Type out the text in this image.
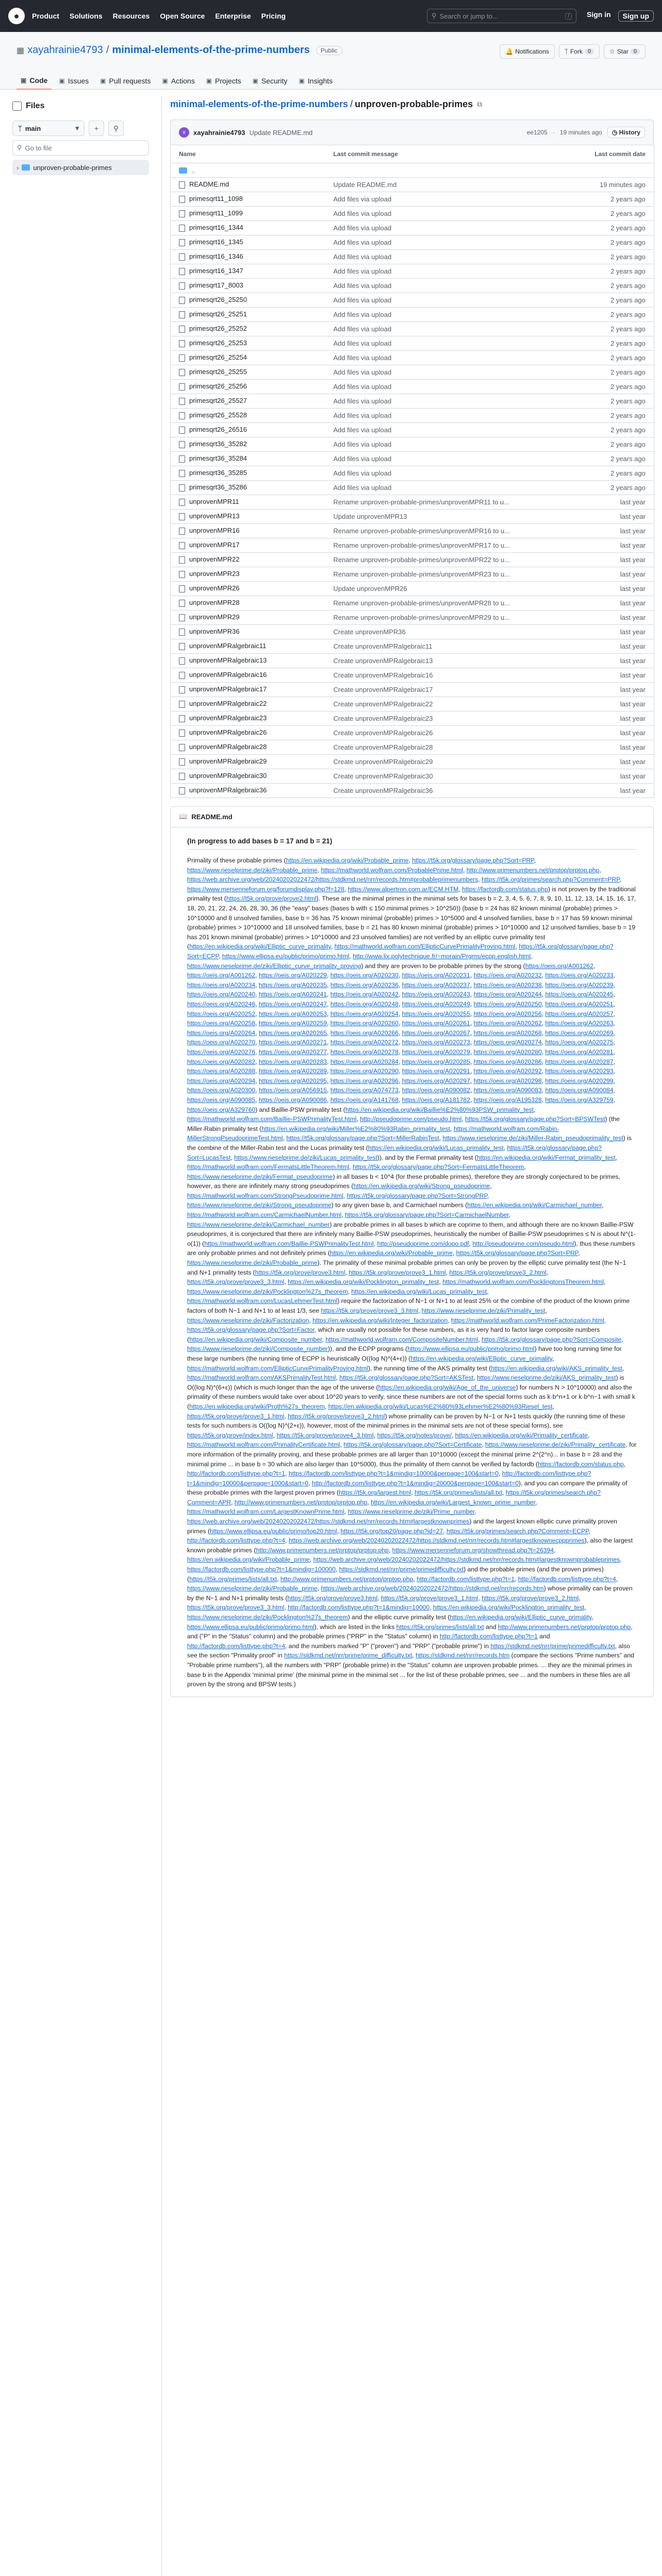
●	Product Solutions Resources Open Source Enterprise Pricing	⚲ Search or jump to...	/	Sign in	Sign up
▦ xayahrainie4793 / minimal-elements-of-the-prime-numbers	Public	🔔 Notifications	ᛉ Fork 0	☆ Star 0
▣ Code ▣ Issues ▣ Pull requests ▣ Actions ▣ Projects ▣ Security ▣ Insights
Files
ᛉ main	▾	+	⚲
⚲ Go to file
› unproven-probable-primes
minimal-elements-of-the-prime-numbers / unproven-probable-primes ⧉
x	xayahrainie4793 Update README.md	ee1205 · 19 minutes ago	◷ History
Name	Last commit message	Last commit date
..		
README.md	Update README.md	19 minutes ago
primesqrt11_1098	Add files via upload	2 years ago
primesqrt11_1099	Add files via upload	2 years ago
primesqrt16_1344	Add files via upload	2 years ago
primesqrt16_1345	Add files via upload	2 years ago
primesqrt16_1346	Add files via upload	2 years ago
primesqrt16_1347	Add files via upload	2 years ago
primesqrt17_8003	Add files via upload	2 years ago
primesqrt26_25250	Add files via upload	2 years ago
primesqrt26_25251	Add files via upload	2 years ago
primesqrt26_25252	Add files via upload	2 years ago
primesqrt26_25253	Add files via upload	2 years ago
primesqrt26_25254	Add files via upload	2 years ago
primesqrt26_25255	Add files via upload	2 years ago
primesqrt26_25256	Add files via upload	2 years ago
primesqrt26_25527	Add files via upload	2 years ago
primesqrt26_25528	Add files via upload	2 years ago
primesqrt26_26516	Add files via upload	2 years ago
primesqrt36_35282	Add files via upload	2 years ago
primesqrt36_35284	Add files via upload	2 years ago
primesqrt36_35285	Add files via upload	2 years ago
primesqrt36_35286	Add files via upload	2 years ago
unprovenMPR11	Rename unproven-probable-primes/unprovenMPR11 to u...	last year
unprovenMPR13	Update unprovenMPR13	last year
unprovenMPR16	Rename unproven-probable-primes/unprovenMPR16 to u...	last year
unprovenMPR17	Rename unproven-probable-primes/unprovenMPR17 to u...	last year
unprovenMPR22	Rename unproven-probable-primes/unprovenMPR22 to u...	last year
unprovenMPR23	Rename unproven-probable-primes/unprovenMPR23 to u...	last year
unprovenMPR26	Update unprovenMPR26	last year
unprovenMPR28	Rename unproven-probable-primes/unprovenMPR28 to u...	last year
unprovenMPR29	Rename unproven-probable-primes/unprovenMPR29 to u...	last year
unprovenMPR36	Create unprovenMPR36	last year
unprovenMPRalgebraic11	Create unprovenMPRalgebraic11	last year
unprovenMPRalgebraic13	Create unprovenMPRalgebraic13	last year
unprovenMPRalgebraic16	Create unprovenMPRalgebraic16	last year
unprovenMPRalgebraic17	Create unprovenMPRalgebraic17	last year
unprovenMPRalgebraic22	Create unprovenMPRalgebraic22	last year
unprovenMPRalgebraic23	Create unprovenMPRalgebraic23	last year
unprovenMPRalgebraic26	Create unprovenMPRalgebraic26	last year
unprovenMPRalgebraic28	Create unprovenMPRalgebraic28	last year
unprovenMPRalgebraic29	Create unprovenMPRalgebraic29	last year
unprovenMPRalgebraic30	Create unprovenMPRalgebraic30	last year
unprovenMPRalgebraic36	Create unprovenMPRalgebraic36	last year
📖 README.md
(In progress to add bases b = 17 and b = 21)

Primality of these probable primes (https://en.wikipedia.org/wiki/Probable_prime, https://t5k.org/glossary/page.php?Sort=PRP, https://www.rieselprime.de/ziki/Probable_prime, https://mathworld.wolfram.com/ProbablePrime.html, http://www.primenumbers.net/prptop/prptop.php, https://web.archive.org/web/20240202022472/https://stdkmd.net/nrr/records.htm#probableprimenumbers, https://t5k.org/primes/search.php?Comment=PRP, https://www.mersenneforum.org/forumdisplay.php?f=128, https://www.alpertron.com.ar/ECM.HTM, https://factordb.com/status.php) is not proven by the traditional primality test (https://t5k.org/prove/prove2.html). These are the minimal primes in the minimal sets for bases b = 2, 3, 4, 5, 6, 7, 8, 9, 10, 11, 12, 13, 14, 15, 16, 17, 18, 20, 21, 22, 24, 26, 28, 30, 36 (the "easy" bases (bases b with ≤ 150 minimal primes > 10^250)) (base b = 24 has 82 known minimal (probable) primes > 10^10000 and 8 unsolved families, base b = 36 has 75 known minimal (probable) primes > 10^5000 and 4 unsolved families, base b = 17 has 59 known minimal (probable) primes > 10^10000 and 18 unsolved families, base b = 21 has 80 known minimal (probable) primes > 10^10000 and 12 unsolved families, base b = 19 has 201 known minimal (probable) primes > 10^10000 and 23 unsolved families) are not verified by an elliptic curve primality test (https://en.wikipedia.org/wiki/Elliptic_curve_primality, https://mathworld.wolfram.com/EllipticCurvePrimalityProving.html, https://t5k.org/glossary/page.php?Sort=ECPP, https://www.ellipsa.eu/public/primo/primo.html, http://www.lix.polytechnique.fr/~morain/Prgms/ecpp.english.html, https://www.rieselprime.de/ziki/Elliptic_curve_primality_proving) and they are proven to be probable primes by the strong (https://oeis.org/A001262, https://oeis.org/A001262, https://oeis.org/A020229, https://oeis.org/A020230, https://oeis.org/A020231, https://oeis.org/A020232, https://oeis.org/A020233, https://oeis.org/A020234, https://oeis.org/A020235, https://oeis.org/A020236, https://oeis.org/A020237, https://oeis.org/A020238, https://oeis.org/A020239, https://oeis.org/A020240, https://oeis.org/A020241, https://oeis.org/A020242, https://oeis.org/A020243, https://oeis.org/A020244, https://oeis.org/A020245, https://oeis.org/A020246, https://oeis.org/A020247, https://oeis.org/A020248, https://oeis.org/A020249, https://oeis.org/A020250, https://oeis.org/A020251, https://oeis.org/A020252, https://oeis.org/A020253, https://oeis.org/A020254, https://oeis.org/A020255, https://oeis.org/A020256, https://oeis.org/A020257, https://oeis.org/A020258, https://oeis.org/A020259, https://oeis.org/A020260, https://oeis.org/A020261, https://oeis.org/A020262, https://oeis.org/A020263, https://oeis.org/A020264, https://oeis.org/A020265, https://oeis.org/A020266, https://oeis.org/A020267, https://oeis.org/A020268, https://oeis.org/A020269, https://oeis.org/A020270, https://oeis.org/A020271, https://oeis.org/A020272, https://oeis.org/A020273, https://oeis.org/A020274, https://oeis.org/A020275, https://oeis.org/A020276, https://oeis.org/A020277, https://oeis.org/A020278, https://oeis.org/A020279, https://oeis.org/A020280, https://oeis.org/A020281, https://oeis.org/A020282, https://oeis.org/A020283, https://oeis.org/A020284, https://oeis.org/A020285, https://oeis.org/A020286, https://oeis.org/A020287, https://oeis.org/A020288, https://oeis.org/A020289, https://oeis.org/A020290, https://oeis.org/A020291, https://oeis.org/A020292, https://oeis.org/A020293, https://oeis.org/A020294, https://oeis.org/A020295, https://oeis.org/A020296, https://oeis.org/A020297, https://oeis.org/A020298, https://oeis.org/A020299, https://oeis.org/A020300, https://oeis.org/A056915, https://oeis.org/A074773, https://oeis.org/A090082, https://oeis.org/A090083, https://oeis.org/A090084, https://oeis.org/A090085, https://oeis.org/A090086, https://oeis.org/A141768, https://oeis.org/A181782, https://oeis.org/A195328, https://oeis.org/A329759, https://oeis.org/A329760) and Baillie-PSW primality test (https://en.wikipedia.org/wiki/Baillie%E2%80%93PSW_primality_test, https://mathworld.wolfram.com/Baillie-PSWPrimalityTest.html, http://pseudoprime.com/pseudo.html, https://t5k.org/glossary/page.php?Sort=BPSWTest) (the Miller-Rabin primality test (https://en.wikipedia.org/wiki/Miller%E2%80%93Rabin_primality_test, https://mathworld.wolfram.com/Rabin-MillerStrongPseudoprimeTest.html, https://t5k.org/glossary/page.php?Sort=MillerRabinTest, https://www.rieselprime.de/ziki/Miller-Rabin_pseudoprimality_test) is the combine of the Miller-Rabin test and the Lucas primality test (https://en.wikipedia.org/wiki/Lucas_primality_test, https://t5k.org/glossary/page.php?Sort=LucasTest, https://www.rieselprime.de/ziki/Lucas_primality_test)), and by the Fermat primality test (https://en.wikipedia.org/wiki/Fermat_primality_test, https://mathworld.wolfram.com/FermatsLittleTheorem.html, https://t5k.org/glossary/page.php?Sort=FermatsLittleTheorem, https://www.rieselprime.de/ziki/Fermat_pseudoprime) in all bases b < 10^4 (for these probable primes), therefore they are strongly conjectured to be primes, however, as there are infinitely many strong pseudoprimes (https://en.wikipedia.org/wiki/Strong_pseudoprime, https://mathworld.wolfram.com/StrongPseudoprime.html, https://t5k.org/glossary/page.php?Sort=StrongPRP, https://www.rieselprime.de/ziki/Strong_pseudoprime) to any given base b, and Carmichael numbers (https://en.wikipedia.org/wiki/Carmichael_number, https://mathworld.wolfram.com/CarmichaelNumber.html, https://t5k.org/glossary/page.php?Sort=CarmichaelNumber, https://www.rieselprime.de/ziki/Carmichael_number) are probable primes in all bases b which are coprime to them, and although there are no known Baillie-PSW pseudoprimes, it is conjectured that there are infinitely many Baillie-PSW pseudoprimes, heuristically the number of Baillie-PSW pseudoprimes ≤ N is about N^(1-o(1)) (https://mathworld.wolfram.com/Baillie-PSWPrimalityTest.html, http://pseudoprime.com/dopo.pdf, http://pseudoprime.com/pseudo.html), thus these numbers are only probable primes and not definitely primes (https://en.wikipedia.org/wiki/Probable_prime, https://t5k.org/glossary/page.php?Sort=PRP, https://www.rieselprime.de/ziki/Probable_prime). The primality of these minimal probable primes can only be proven by the elliptic curve primality test (the N−1 and N+1 primality tests (https://t5k.org/prove/prove3.html, https://t5k.org/prove/prove3_1.html, https://t5k.org/prove/prove3_2.html, https://t5k.org/prove/prove3_3.html, https://en.wikipedia.org/wiki/Pocklington_primality_test, https://mathworld.wolfram.com/PocklingtonsTheorem.html, https://www.rieselprime.de/ziki/Pocklington%27s_theorem, https://en.wikipedia.org/wiki/Lucas_primality_test, https://mathworld.wolfram.com/LucasLehmerTest.html) require the factorization of N−1 or N+1 to at least 25% or the combine of the product of the known prime factors of both N−1 and N+1 to at least 1/3, see https://t5k.org/prove/prove3_3.html, https://www.rieselprime.de/ziki/Primality_test, https://www.rieselprime.de/ziki/Factorization, https://en.wikipedia.org/wiki/Integer_factorization, https://mathworld.wolfram.com/PrimeFactorization.html, https://t5k.org/glossary/page.php?Sort=Factor, which are usually not possible for these numbers, as it is very hard to factor large composite numbers (https://en.wikipedia.org/wiki/Composite_number, https://mathworld.wolfram.com/CompositeNumber.html, https://t5k.org/glossary/page.php?Sort=Composite, https://www.rieselprime.de/ziki/Composite_number)), and the ECPP programs (https://www.ellipsa.eu/public/primo/primo.html) have too long running time for these large numbers (the running time of ECPP is heuristically O((log N)^(4+ε)) (https://en.wikipedia.org/wiki/Elliptic_curve_primality, https://mathworld.wolfram.com/EllipticCurvePrimalityProving.html), the running time of the AKS primality test (https://en.wikipedia.org/wiki/AKS_primality_test, https://mathworld.wolfram.com/AKSPrimalityTest.html, https://t5k.org/glossary/page.php?Sort=AKSTest, https://www.rieselprime.de/ziki/AKS_primality_test) is O((log N)^(6+ε)) (which is much longer than the age of the universe (https://en.wikipedia.org/wiki/Age_of_the_universe) for numbers N > 10^10000) and also the primality of these numbers would take over about 10^20 years to verify, since these numbers are not of the special forms such as k·b^n+1 or k·b^n−1 with small k (https://en.wikipedia.org/wiki/Proth%27s_theorem, https://en.wikipedia.org/wiki/Lucas%E2%80%93Lehmer%E2%80%93Riesel_test, https://t5k.org/prove/prove3_1.html, https://t5k.org/prove/prove3_2.html) whose primality can be proven by N−1 or N+1 tests quickly (the running time of these tests for such numbers is O((log N)^(2+ε)), however, most of the minimal primes in the minimal sets are not of these special forms), see https://t5k.org/prove/index.html, https://t5k.org/prove/prove4_3.html, https://t5k.org/notes/prove/, https://en.wikipedia.org/wiki/Primality_certificate, https://mathworld.wolfram.com/PrimalityCertificate.html, https://t5k.org/glossary/page.php?Sort=Certificate, https://www.rieselprime.de/ziki/Primality_certificate, for more information of the primality proving, and these probable primes are all larger than 10^10000 (except the minimal prime 2^(2^n)... in base b = 28 and the minimal prime ... in base b = 30 which are also larger than 10^5000), thus the primality of them cannot be verified by factordb (https://factordb.com/status.php, http://factordb.com/listtype.php?t=1, https://factordb.com/listtype.php?t=1&mindig=10000&perpage=100&start=0, http://factordb.com/listtype.php?t=1&mindig=10000&perpage=1000&start=0, http://factordb.com/listtype.php?t=1&mindig=20000&perpage=100&start=0), and you can compare the primality of these probable primes with the largest proven primes (https://t5k.org/largest.html, https://t5k.org/primes/lists/all.txt, https://t5k.org/primes/search.php?Comment=APR, http://www.primenumbers.net/prptop/prptop.php, https://en.wikipedia.org/wiki/Largest_known_prime_number, https://mathworld.wolfram.com/LargestKnownPrime.html, https://www.rieselprime.de/ziki/Prime_number, https://web.archive.org/web/20240202022472/https://stdkmd.net/nrr/records.htm#largestknownprimes) and the largest known elliptic curve primality proven primes (https://www.ellipsa.eu/public/primo/top20.html, https://t5k.org/top20/page.php?id=27, https://t5k.org/primes/search.php?Comment=ECPP, http://factordb.com/listtype.php?t=4, https://web.archive.org/web/20240202022472/https://stdkmd.net/nrr/records.htm#largestknownecppprimes), also the largest known probable primes (http://www.primenumbers.net/prptop/prptop.php, https://www.mersenneforum.org/showthread.php?t=26394, https://en.wikipedia.org/wiki/Probable_prime, https://web.archive.org/web/20240202022472/https://stdkmd.net/nrr/records.htm#largestknownprobableprimes, https://factordb.com/listtype.php?t=1&mindig=100000, https://stdkmd.net/nrr/prime/primedifficulty.txt) and the probable primes (and the proven primes) (https://t5k.org/primes/lists/all.txt, http://www.primenumbers.net/prptop/prptop.php, http://factordb.com/listtype.php?t=1, http://factordb.com/listtype.php?t=4, https://www.rieselprime.de/ziki/Probable_prime, https://web.archive.org/web/20240202022472/https://stdkmd.net/nrr/records.htm) whose primality can be proven by the N−1 and N+1 primality tests (https://t5k.org/prove/prove3.html, https://t5k.org/prove/prove3_1.html, https://t5k.org/prove/prove3_2.html, https://t5k.org/prove/prove3_3.html, http://factordb.com/listtype.php?t=1&mindig=10000, https://en.wikipedia.org/wiki/Pocklington_primality_test, https://www.rieselprime.de/ziki/Pocklington%27s_theorem) and the elliptic curve primality test (https://en.wikipedia.org/wiki/Elliptic_curve_primality, https://www.ellipsa.eu/public/primo/primo.html), which are listed in the links https://t5k.org/primes/lists/all.txt and http://www.primenumbers.net/prptop/prptop.php, and ("P" in the "Status" column) and the probable primes ("PRP" in the "Status" column) in http://factordb.com/listtype.php?t=1 and http://factordb.com/listtype.php?t=4, and the numbers marked "P" ("proven") and "PRP" ("probable prime") in https://stdkmd.net/nrr/prime/primedifficulty.txt, also see the section "Primality proof" in https://stdkmd.net/nrr/prime/prime_difficulty.txt, https://stdkmd.net/nrr/records.htm (compare the sections "Prime numbers" and "Probable prime numbers"), all the numbers with "PRP" (probable prime) in the "Status" column are unproven probable primes. ... they are the minimal primes in base b in the Appendix 'minimal prime' (the minimal prime in the minimal set ... for the list of these probable primes, see ... and the numbers in these files are all proven by the strong and BPSW tests.)
